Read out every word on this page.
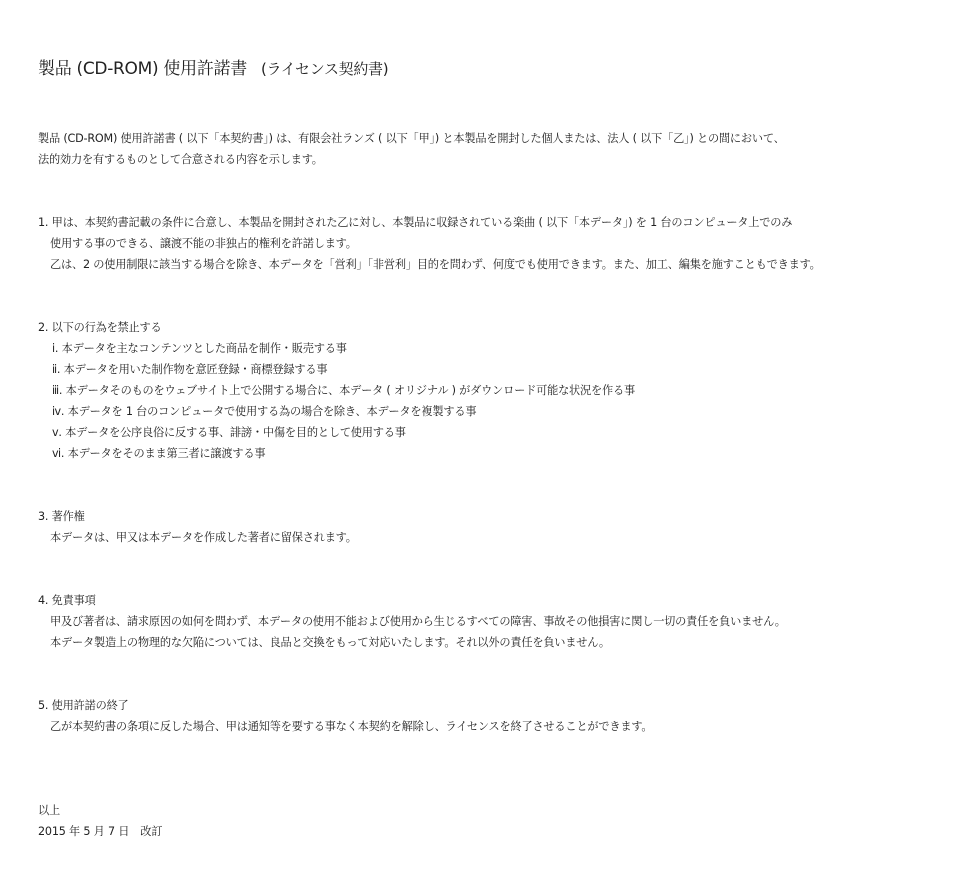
製品 (CD-ROM) 使用許諾書 (ライセンス契約書)
製品 (CD-ROM) 使用許諾書 ( 以下「本契約書」) は、有限会社ランズ ( 以下「甲」) と本製品を開封した個人または、法人 ( 以下「乙」) との間において、
法的効力を有するものとして合意される内容を示します。
1. 甲は、本契約書記載の条件に合意し、本製品を開封された乙に対し、本製品に収録されている楽曲 ( 以下「本データ」) を 1 台のコンピュータ上でのみ
使用する事のできる、譲渡不能の非独占的権利を許諾します。
乙は、2 の使用制限に該当する場合を除き、本データを「営利」「非営利」目的を問わず、何度でも使用できます。また、加工、編集を施すこともできます。
2. 以下の行為を禁止する
ⅰ. 本データを主なコンテンツとした商品を制作・販売する事
ⅱ. 本データを用いた制作物を意匠登録・商標登録する事
ⅲ. 本データそのものをウェブサイト上で公開する場合に、本データ ( オリジナル ) がダウンロード可能な状況を作る事
ⅳ. 本データを 1 台のコンピュータで使用する為の場合を除き、本データを複製する事
ⅴ. 本データを公序良俗に反する事、誹謗・中傷を目的として使用する事
ⅵ. 本データをそのまま第三者に譲渡する事
3. 著作権
本データは、甲又は本データを作成した著者に留保されます。
4. 免責事項
甲及び著者は、請求原因の如何を問わず、本データの使用不能および使用から生じるすべての障害、事故その他損害に関し一切の責任を負いません。
本データ製造上の物理的な欠陥については、良品と交換をもって対応いたします。それ以外の責任を負いません。
5. 使用許諾の終了
乙が本契約書の条項に反した場合、甲は通知等を要する事なく本契約を解除し、ライセンスを終了させることができます。
以上
2015 年 5 月 7 日　改訂
